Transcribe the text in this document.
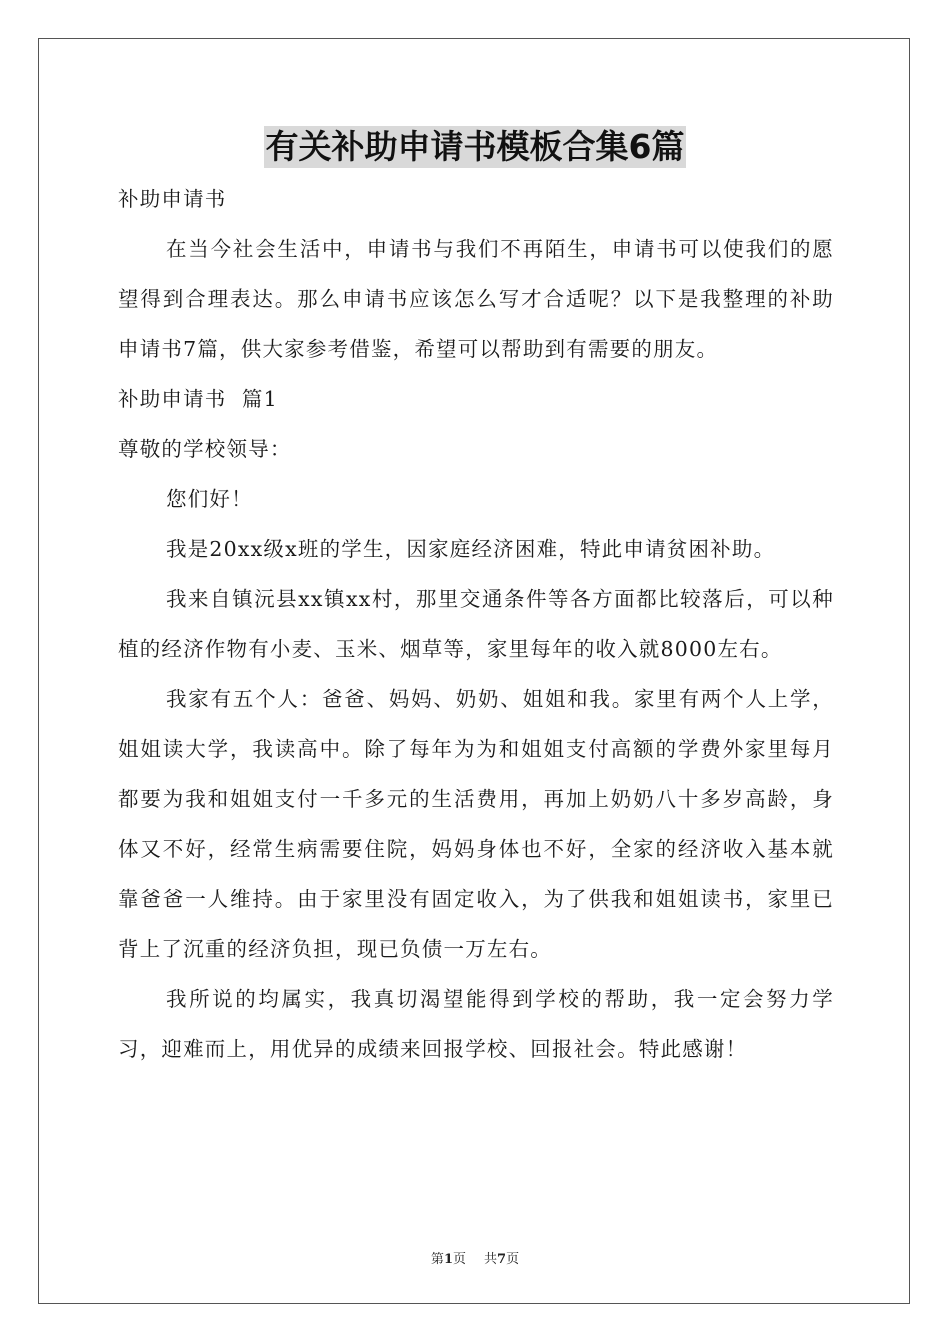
有关补助申请书模板合集6篇

补助申请书

在当今社会生活中，申请书与我们不再陌生，申请书可以使我们的愿望得到合理表达。那么申请书应该怎么写才合适呢？以下是我整理的补助申请书7篇，供大家参考借鉴，希望可以帮助到有需要的朋友。

补助申请书  篇1

尊敬的学校领导：

您们好！

我是20xx级x班的学生，因家庭经济困难，特此申请贫困补助。

我来自镇沅县xx镇xx村，那里交通条件等各方面都比较落后，可以种植的经济作物有小麦、玉米、烟草等，家里每年的收入就8000左右。

我家有五个人：爸爸、妈妈、奶奶、姐姐和我。家里有两个人上学，姐姐读大学，我读高中。除了每年为为和姐姐支付高额的学费外家里每月都要为我和姐姐支付一千多元的生活费用，再加上奶奶八十多岁高龄，身体又不好，经常生病需要住院，妈妈身体也不好，全家的经济收入基本就靠爸爸一人维持。由于家里没有固定收入，为了供我和姐姐读书，家里已背上了沉重的经济负担，现已负债一万左右。

我所说的均属实，我真切渴望能得到学校的帮助，我一定会努力学习，迎难而上，用优异的成绩来回报学校、回报社会。特此感谢！

第1页 共7页
